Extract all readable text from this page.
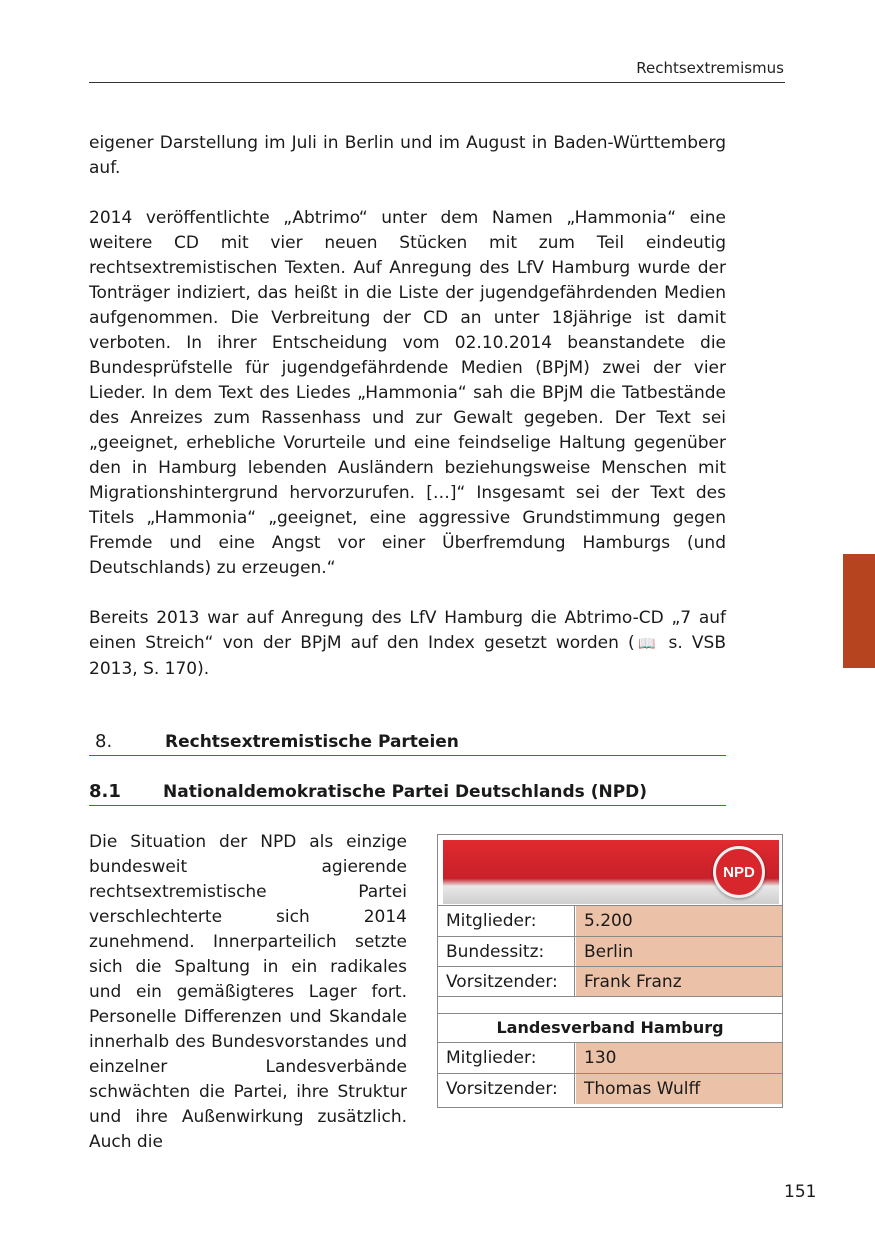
Rechtsextremismus

eigener Darstellung im Juli in Berlin und im August in Baden-Württemberg auf.

2014 veröffentlichte „Abtrimo“ unter dem Namen „Hammonia“ eine weitere CD mit vier neuen Stücken mit zum Teil eindeutig rechtsextremistischen Texten. Auf Anregung des LfV Hamburg wurde der Tonträger indiziert, das heißt in die Liste der jugendgefährdenden Medien aufgenommen. Die Verbreitung der CD an unter 18jährige ist damit verboten. In ihrer Entscheidung vom 02.10.2014 beanstandete die Bundesprüfstelle für jugendgefährdende Medien (BPjM) zwei der vier Lieder. In dem Text des Liedes „Hammonia“ sah die BPjM die Tatbestände des Anreizes zum Rassenhass und zur Gewalt gegeben. Der Text sei „geeignet, erhebliche Vorurteile und eine feindselige Haltung gegenüber den in Hamburg lebenden Ausländern beziehungsweise Menschen mit Migrationshintergrund hervorzurufen. […]“ Insgesamt sei der Text des Titels „Hammonia“ „geeignet, eine aggressive Grundstimmung gegen Fremde und eine Angst vor einer Überfremdung Hamburgs (und Deutschlands) zu erzeugen.“

Bereits 2013 war auf Anregung des LfV Hamburg die Abtrimo-CD „7 auf einen Streich“ von der BPjM auf den Index gesetzt worden (📖 s. VSB 2013, S. 170).

8.	Rechtsextremistische Parteien
8.1 Nationaldemokratische Partei Deutschlands (NPD)

Die Situation der NPD als einzige bundesweit agierende rechtsextremistische Partei verschlechterte sich 2014 zunehmend. Innerparteilich setzte sich die Spaltung in ein radikales und ein gemäßigteres Lager fort. Personelle Differenzen und Skandale innerhalb des Bundesvorstandes und einzelner Landesverbände schwächten die Partei, ihre Struktur und ihre Außenwirkung zusätzlich. Auch die

NPD
Mitglieder:	5.200
Bundessitz:	Berlin
Vorsitzender:	Frank Franz
Landesverband Hamburg
Mitglieder:	130
Vorsitzender:	Thomas Wulff
151
